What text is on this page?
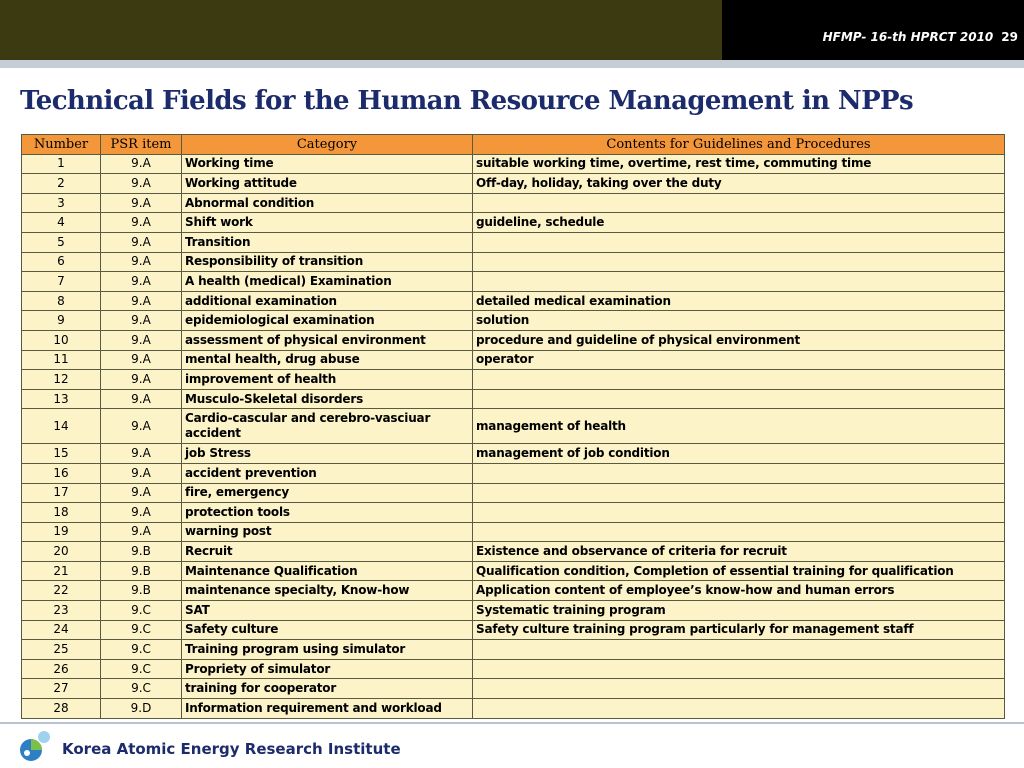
HFMP- 16-th HPRCT 2010 29
Technical Fields for the Human Resource Management in NPPs
Number	PSR item	Category	Contents for Guidelines and Procedures
1	9.A	Working time	suitable working time, overtime, rest time, commuting time
2	9.A	Working attitude	Off-day, holiday, taking over the duty
3	9.A	Abnormal condition	
4	9.A	Shift work	guideline, schedule
5	9.A	Transition	
6	9.A	Responsibility of transition	
7	9.A	A health (medical) Examination	
8	9.A	additional examination	detailed medical examination
9	9.A	epidemiological examination	solution
10	9.A	assessment of physical environment	procedure and guideline of physical environment
11	9.A	mental health, drug abuse	operator
12	9.A	improvement of health	
13	9.A	Musculo-Skeletal disorders	
14	9.A	Cardio-cascular and cerebro-vasciuar accident	management of health
15	9.A	job Stress	management of job condition
16	9.A	accident prevention	
17	9.A	fire, emergency	
18	9.A	protection tools	
19	9.A	warning post	
20	9.B	Recruit	Existence and observance of criteria for recruit
21	9.B	Maintenance Qualification	Qualification condition, Completion of essential training for qualification
22	9.B	maintenance specialty, Know-how	Application content of employee’s know-how and human errors
23	9.C	SAT	Systematic training program
24	9.C	Safety culture	Safety culture training program particularly for management staff
25	9.C	Training program using simulator	
26	9.C	Propriety of simulator	
27	9.C	training for cooperator	
28	9.D	Information requirement and workload	
Korea Atomic Energy Research Institute
